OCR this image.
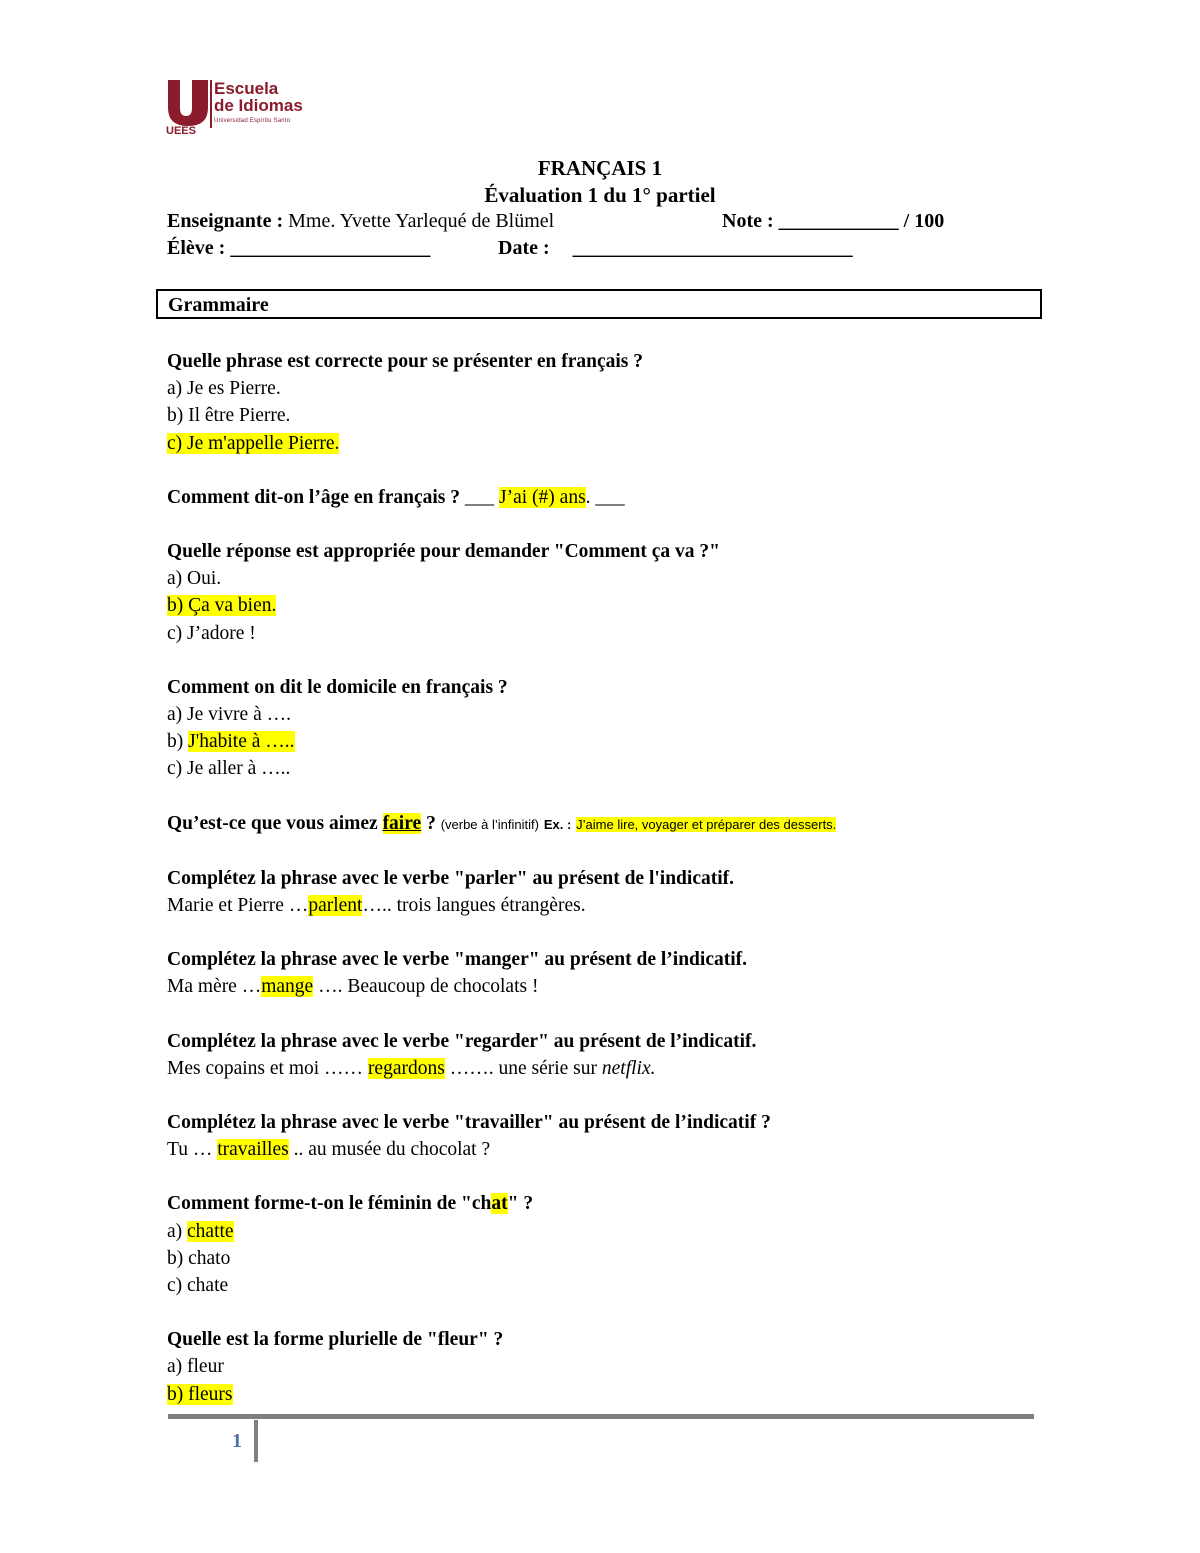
UEES
Escuela
de Idiomas
Universidad Espíritu Santo
FRANÇAIS 1
Évaluation 1 du 1° partiel
Enseignante : Mme. Yvette Yarlequé de Blümel	Note : ____________ / 100
Élève : ____________________	Date : ____________________________
Grammaire

Quelle phrase est correcte pour se présenter en français ?

a) Je es Pierre.

b) Il être Pierre.

c) Je m'appelle Pierre.

Comment dit-on l’âge en français ? ___ J’ai (#) ans. ___

Quelle réponse est appropriée pour demander "Comment ça va ?"

a) Oui.

b) Ça va bien.

c) J’adore !

Comment on dit le domicile en français ?

a) Je vivre à ….

b) J'habite à …..

c) Je aller à …..

Qu’est-ce que vous aimez faire ? (verbe à l’infinitif) Ex. : J’aime lire, voyager et préparer des desserts.

Complétez la phrase avec le verbe "parler" au présent de l'indicatif.

Marie et Pierre …parlent….. trois langues étrangères.

Complétez la phrase avec le verbe "manger" au présent de l’indicatif.

Ma mère …mange …. Beaucoup de chocolats !

Complétez la phrase avec le verbe "regarder" au présent de l’indicatif.

Mes copains et moi …… regardons ……. une série sur netflix.

Complétez la phrase avec le verbe "travailler" au présent de l’indicatif ?

Tu … travailles .. au musée du chocolat ?

Comment forme-t-on le féminin de "chat" ?

a) chatte

b) chato

c) chate

Quelle est la forme plurielle de "fleur" ?

a) fleur

b) fleurs

1
